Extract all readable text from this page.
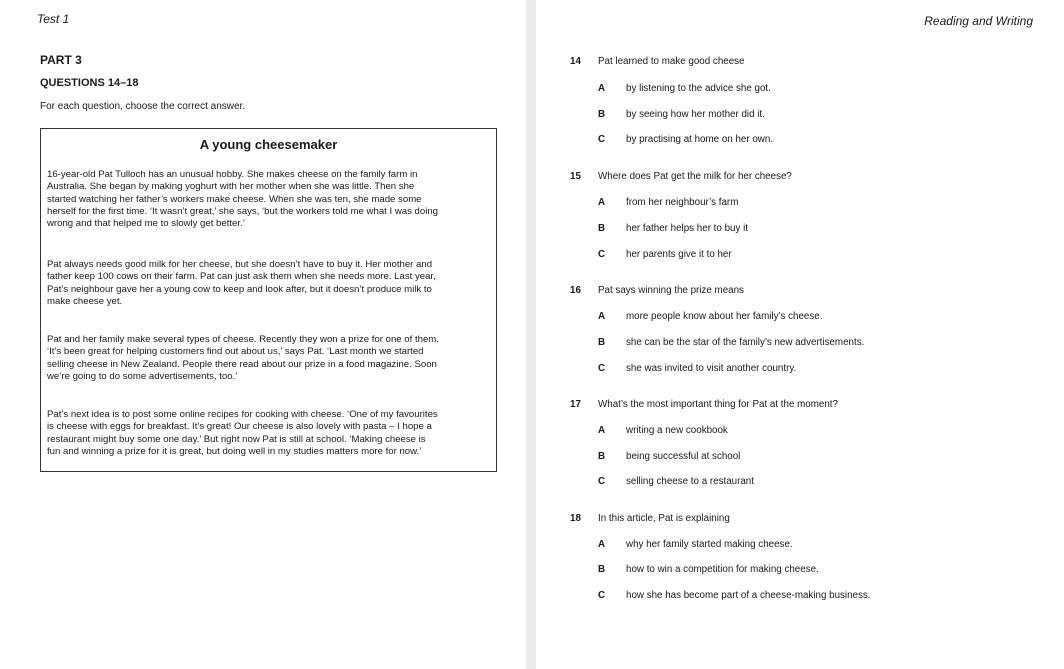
Test 1
PART 3
QUESTIONS 14–18
For each question, choose the correct answer.
Reading and Writing
A young cheesemaker

16-year-old Pat Tulloch has an unusual hobby. She makes cheese on the family farm in
Australia. She began by making yoghurt with her mother when she was little. Then she
started watching her father’s workers make cheese. When she was ten, she made some
herself for the first time. ‘It wasn’t great,’ she says, ‘but the workers told me what I was doing
wrong and that helped me to slowly get better.’

Pat always needs good milk for her cheese, but she doesn’t have to buy it. Her mother and
father keep 100 cows on their farm. Pat can just ask them when she needs more. Last year,
Pat’s neighbour gave her a young cow to keep and look after, but it doesn’t produce milk to
make cheese yet.

Pat and her family make several types of cheese. Recently they won a prize for one of them.
‘It’s been great for helping customers find out about us,’ says Pat. ‘Last month we started
selling cheese in New Zealand. People there read about our prize in a food magazine. Soon
we’re going to do some advertisements, too.’

Pat’s next idea is to post some online recipes for cooking with cheese. ‘One of my favourites
is cheese with eggs for breakfast. It’s great! Our cheese is also lovely with pasta – I hope a
restaurant might buy some one day.’ But right now Pat is still at school. ‘Making cheese is
fun and winning a prize for it is great, but doing well in my studies matters more for now.’

14 Pat learned to make good cheese
A by listening to the advice she got.
B by seeing how her mother did it.
C by practising at home on her own.
15 Where does Pat get the milk for her cheese?
A from her neighbour’s farm
B her father helps her to buy it
C her parents give it to her
16 Pat says winning the prize means
A more people know about her family’s cheese.
B she can be the star of the family’s new advertisements.
C she was invited to visit another country.
17 What’s the most important thing for Pat at the moment?
A writing a new cookbook
B being successful at school
C selling cheese to a restaurant
18 In this article, Pat is explaining
A why her family started making cheese.
B how to win a competition for making cheese.
C how she has become part of a cheese-making business.
